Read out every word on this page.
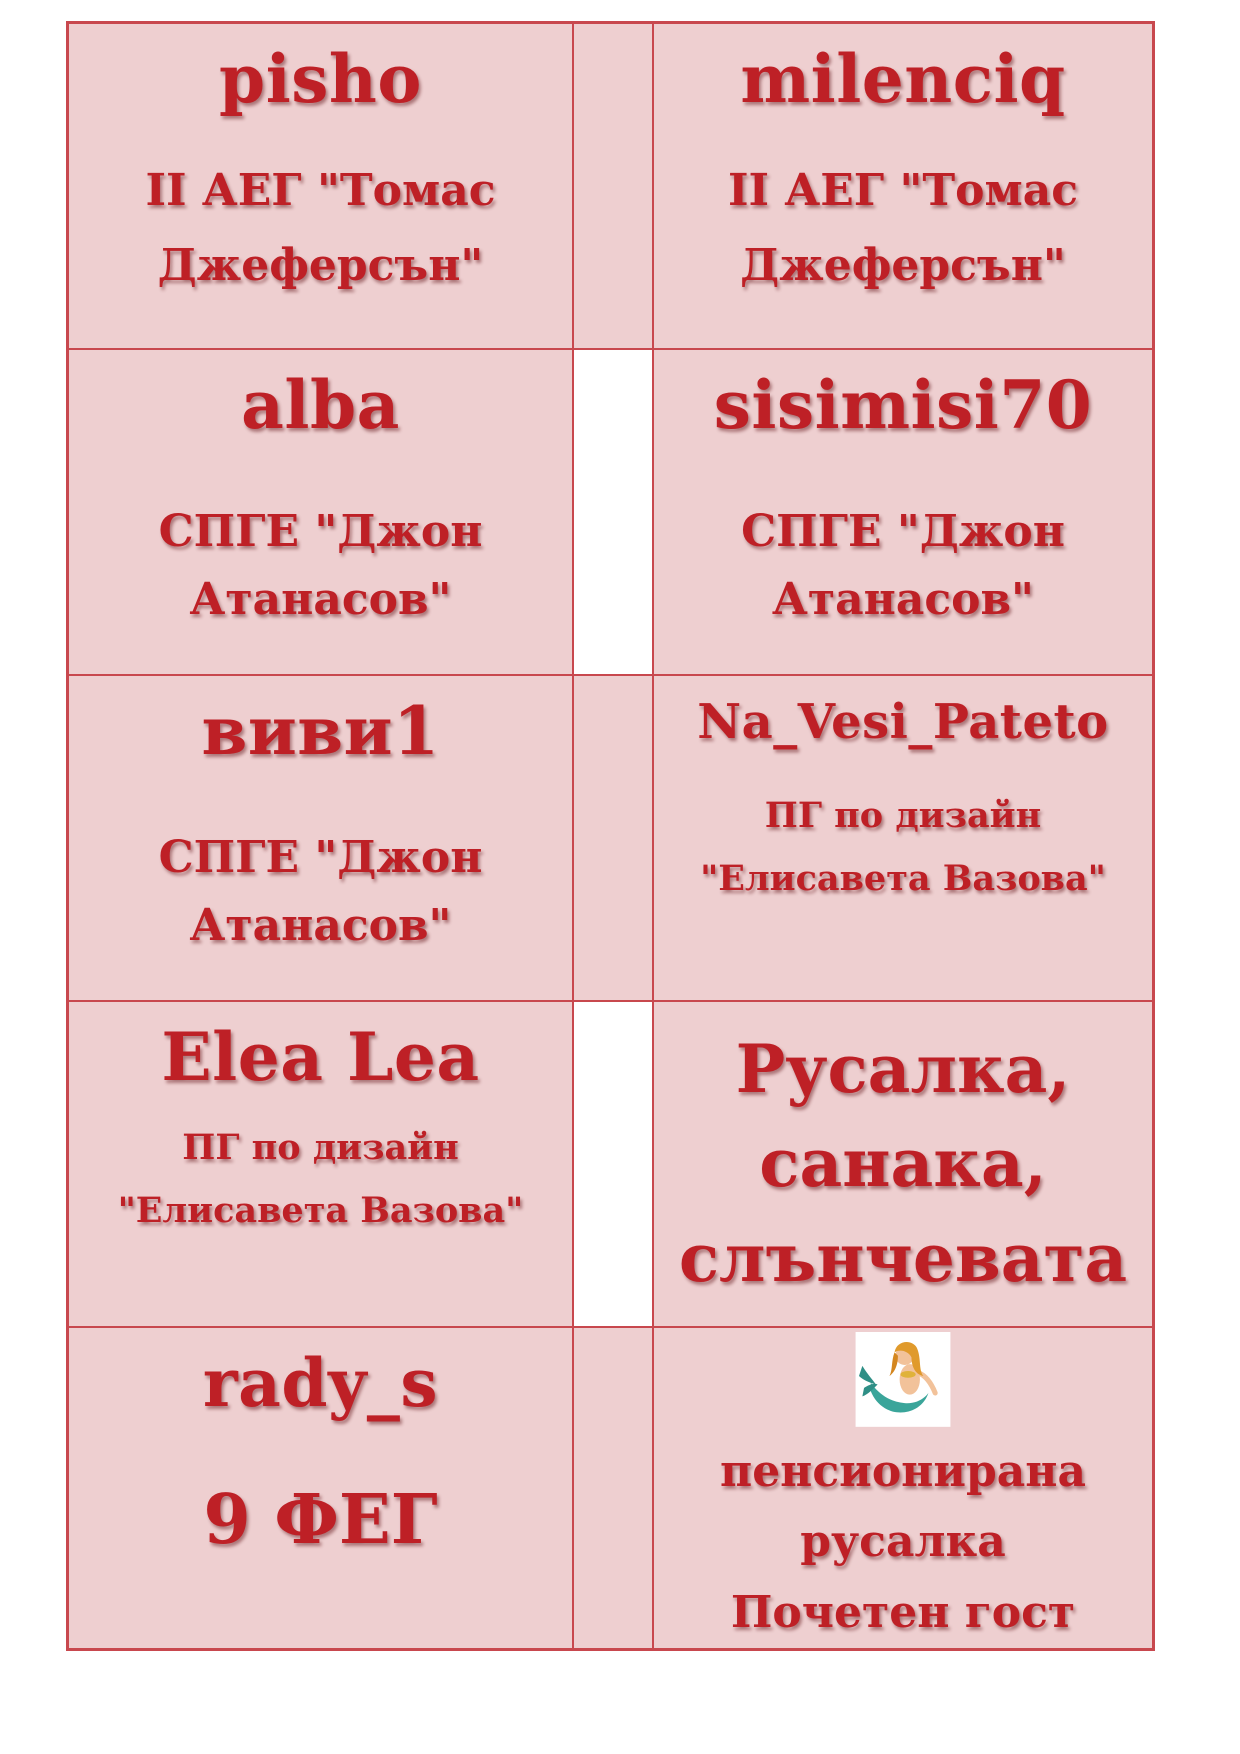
pisho
II АЕГ "Томас
Джеферсън"
milenciq
II АЕГ "Томас
Джеферсън"
alba
СПГЕ "Джон
Атанасов"
sisimisi70
СПГЕ "Джон
Атанасов"
виви1
СПГЕ "Джон
Атанасов"
Na_Vesi_Pateto
ПГ по дизайн
"Елисавета Вазова"
Elea Lea
ПГ по дизайн
"Елисавета Вазова"
Русалка,
санака,
слънчевата
rady_s
9 ФЕГ
пенсионирана
русалка
Почетен гост
